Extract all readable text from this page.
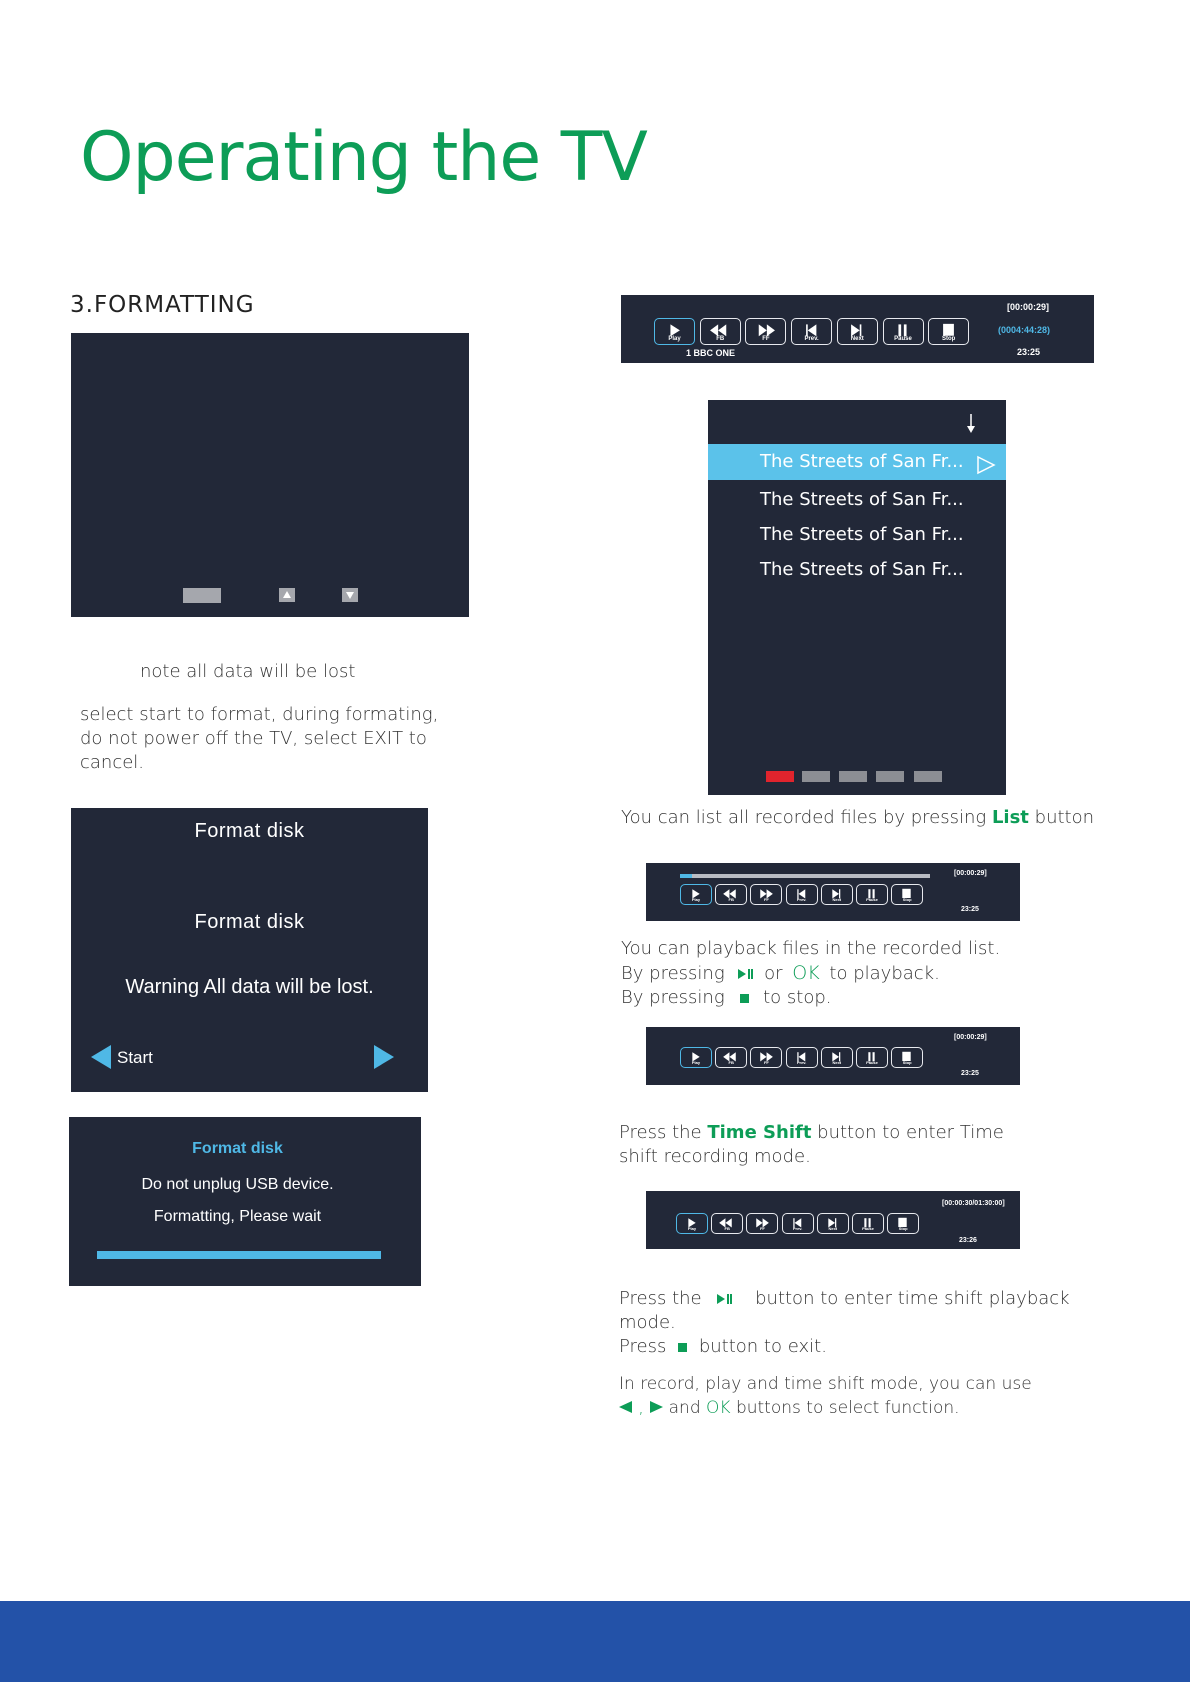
Operating the TV
3.FORMATTING
note all data will be lost
select start to format, during formating, do not power off the TV, select EXIT to cancel.
Format disk
Format disk
Warning All data will be lost.
Start
Format disk
Do not unplug USB device.
Formatting, Please wait
Play	FB	FF	Prev.	Next	Pause	Stop
1 BBC ONE
[00:00:29]
(0004:44:28)
23:25
The Streets of San Fr...
The Streets of San Fr...
The Streets of San Fr...
The Streets of San Fr...
You can list all recorded files by pressing List button
Play	FB	FF	Prev.	Next	Pause	Stop
[00:00:29]
23:25
You can playback files in the recorded list.
By pressing or OK to playback.
By pressing to stop.
Play	FB	FF	Prev.	Next	Pause	Stop
[00:00:29]
23:25
Press the Time Shift button to enter Time shift recording mode.
Play	FB	FF	Prev.	Next	Pause	Stop
[00:00:30/01:30:00]
23:26
Press the	button to enter time shift playback
mode.
Press button to exit.
In record, play and time shift mode, you can use
, and OK buttons to select function.
